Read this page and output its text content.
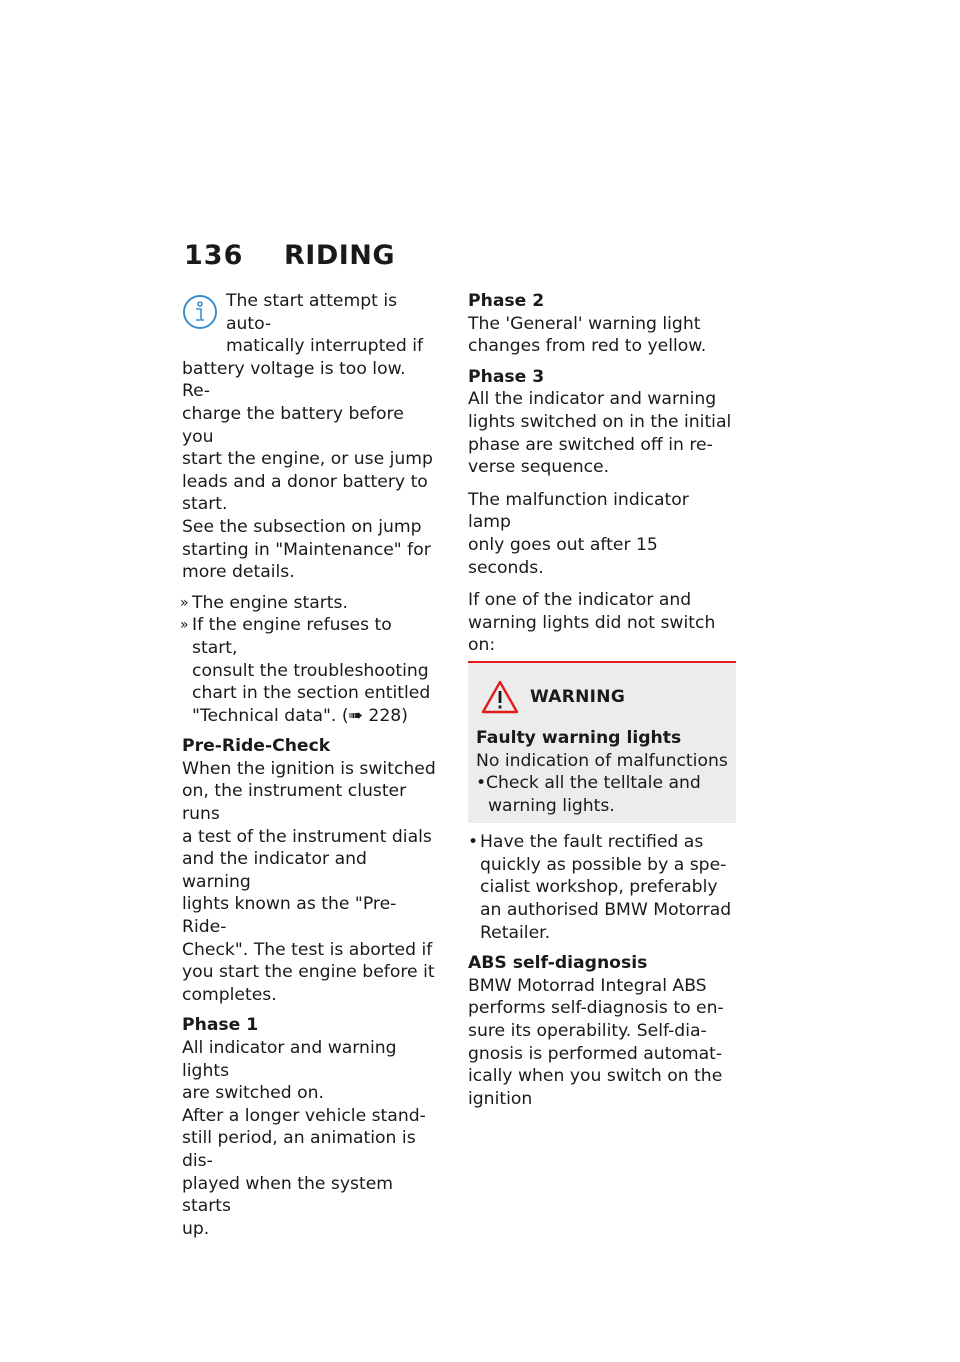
136	RIDING
The start attempt is auto-
matically interrupted if
battery voltage is too low. Re-
charge the battery before you
start the engine, or use jump
leads and a donor battery to
start.
See the subsection on jump
starting in "Maintenance" for
more details.
» The engine starts.
» If the engine refuses to start,
consult the troubleshooting
chart in the section entitled
"Technical data". (➠ 228)
Pre-Ride-Check
When the ignition is switched
on, the instrument cluster runs
a test of the instrument dials
and the indicator and warning
lights known as the "Pre-Ride-
Check". The test is aborted if
you start the engine before it
completes.
Phase 1
All indicator and warning lights
are switched on.
After a longer vehicle stand-
still period, an animation is dis-
played when the system starts
up.
Phase 2
The 'General' warning light
changes from red to yellow.
Phase 3
All the indicator and warning
lights switched on in the initial
phase are switched off in re-
verse sequence.
The malfunction indicator lamp
only goes out after 15 seconds.
If one of the indicator and
warning lights did not switch
on:
WARNING
Faulty warning lights
No indication of malfunctions
• Check all the telltale and
warning lights.
• Have the fault rectified as
quickly as possible by a spe-
cialist workshop, preferably
an authorised BMW Motorrad
Retailer.
ABS self-diagnosis
BMW Motorrad Integral ABS
performs self-diagnosis to en-
sure its operability. Self-dia-
gnosis is performed automat-
ically when you switch on the
ignition
